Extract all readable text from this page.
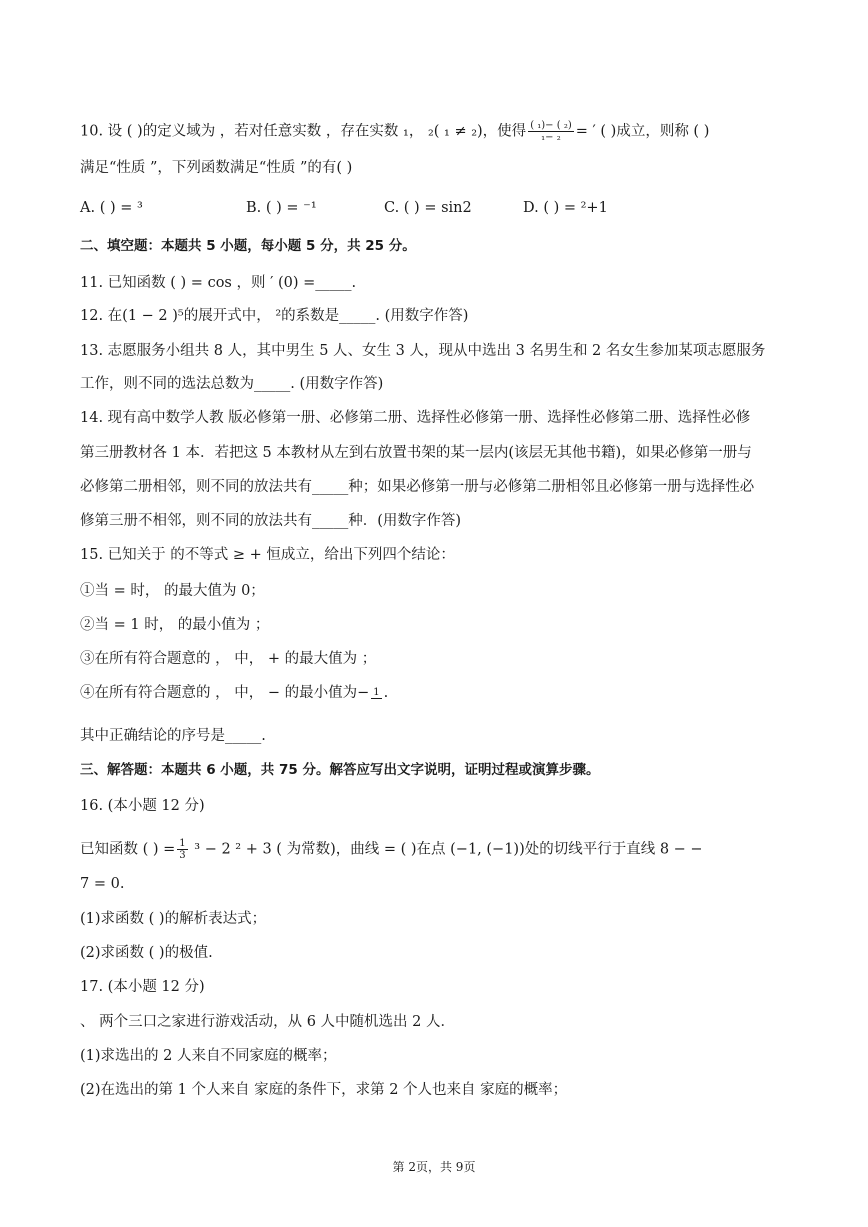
10. 设 ( )的定义域为 ，若对任意实数 ，存在实数 ₁， ₂( ₁ ≠ ₂)，使得 $\frac{\text{( ₁)− ( ₂)}}{\text{₁− ₂}}$ = ′ ( )成立，则称 ( )
满足“性质 ”，下列函数满足“性质 ”的有( )
A. ( ) = ³	B. ( ) = ⁻¹	C. ( ) = sin2	D. ( ) = ²+1
二、填空题：本题共 5 小题，每小题 5 分，共 25 分。
11. 已知函数 ( ) = cos ，则 ′ (0) =_____.
12. 在(1 − 2 )⁵的展开式中， ²的系数是_____. (用数字作答)
13. 志愿服务小组共 8 人，其中男生 5 人、女生 3 人，现从中选出 3 名男生和 2 名女生参加某项志愿服务
工作，则不同的选法总数为_____. (用数字作答)
14. 现有高中数学人教 版必修第一册、必修第二册、选择性必修第一册、选择性必修第二册、选择性必修
第三册教材各 1 本．若把这 5 本教材从左到右放置书架的某一层内(该层无其他书籍)，如果必修第一册与
必修第二册相邻，则不同的放法共有_____种；如果必修第一册与必修第二册相邻且必修第一册与选择性必
修第三册不相邻，则不同的放法共有_____种．(用数字作答)
15. 已知关于 的不等式 ≥ + 恒成立，给出下列四个结论：
①当 = 时， 的最大值为 0；
②当 = 1 时， 的最小值为 ；
③在所有符合题意的 ， 中， + 的最大值为 ；
④在所有符合题意的 ， 中， − 的最小值为− 1 .
其中正确结论的序号是_____.
三、解答题：本题共 6 小题，共 75 分。解答应写出文字说明，证明过程或演算步骤。
16. (本小题 12 分)
已知函数 ( ) = $\frac{1}{3} ^3 - 2$ ² + 3 ( 为常数)，曲线 = ( )在点 (−1, (−1))处的切线平行于直线 8 − −
7 = 0.
(1)求函数 ( )的解析表达式；
(2)求函数 ( )的极值.
17. (本小题 12 分)
、 两个三口之家进行游戏活动，从 6 人中随机选出 2 人．
(1)求选出的 2 人来自不同家庭的概率；
(2)在选出的第 1 个人来自 家庭的条件下，求第 2 个人也来自 家庭的概率；
第 2页，共 9页
